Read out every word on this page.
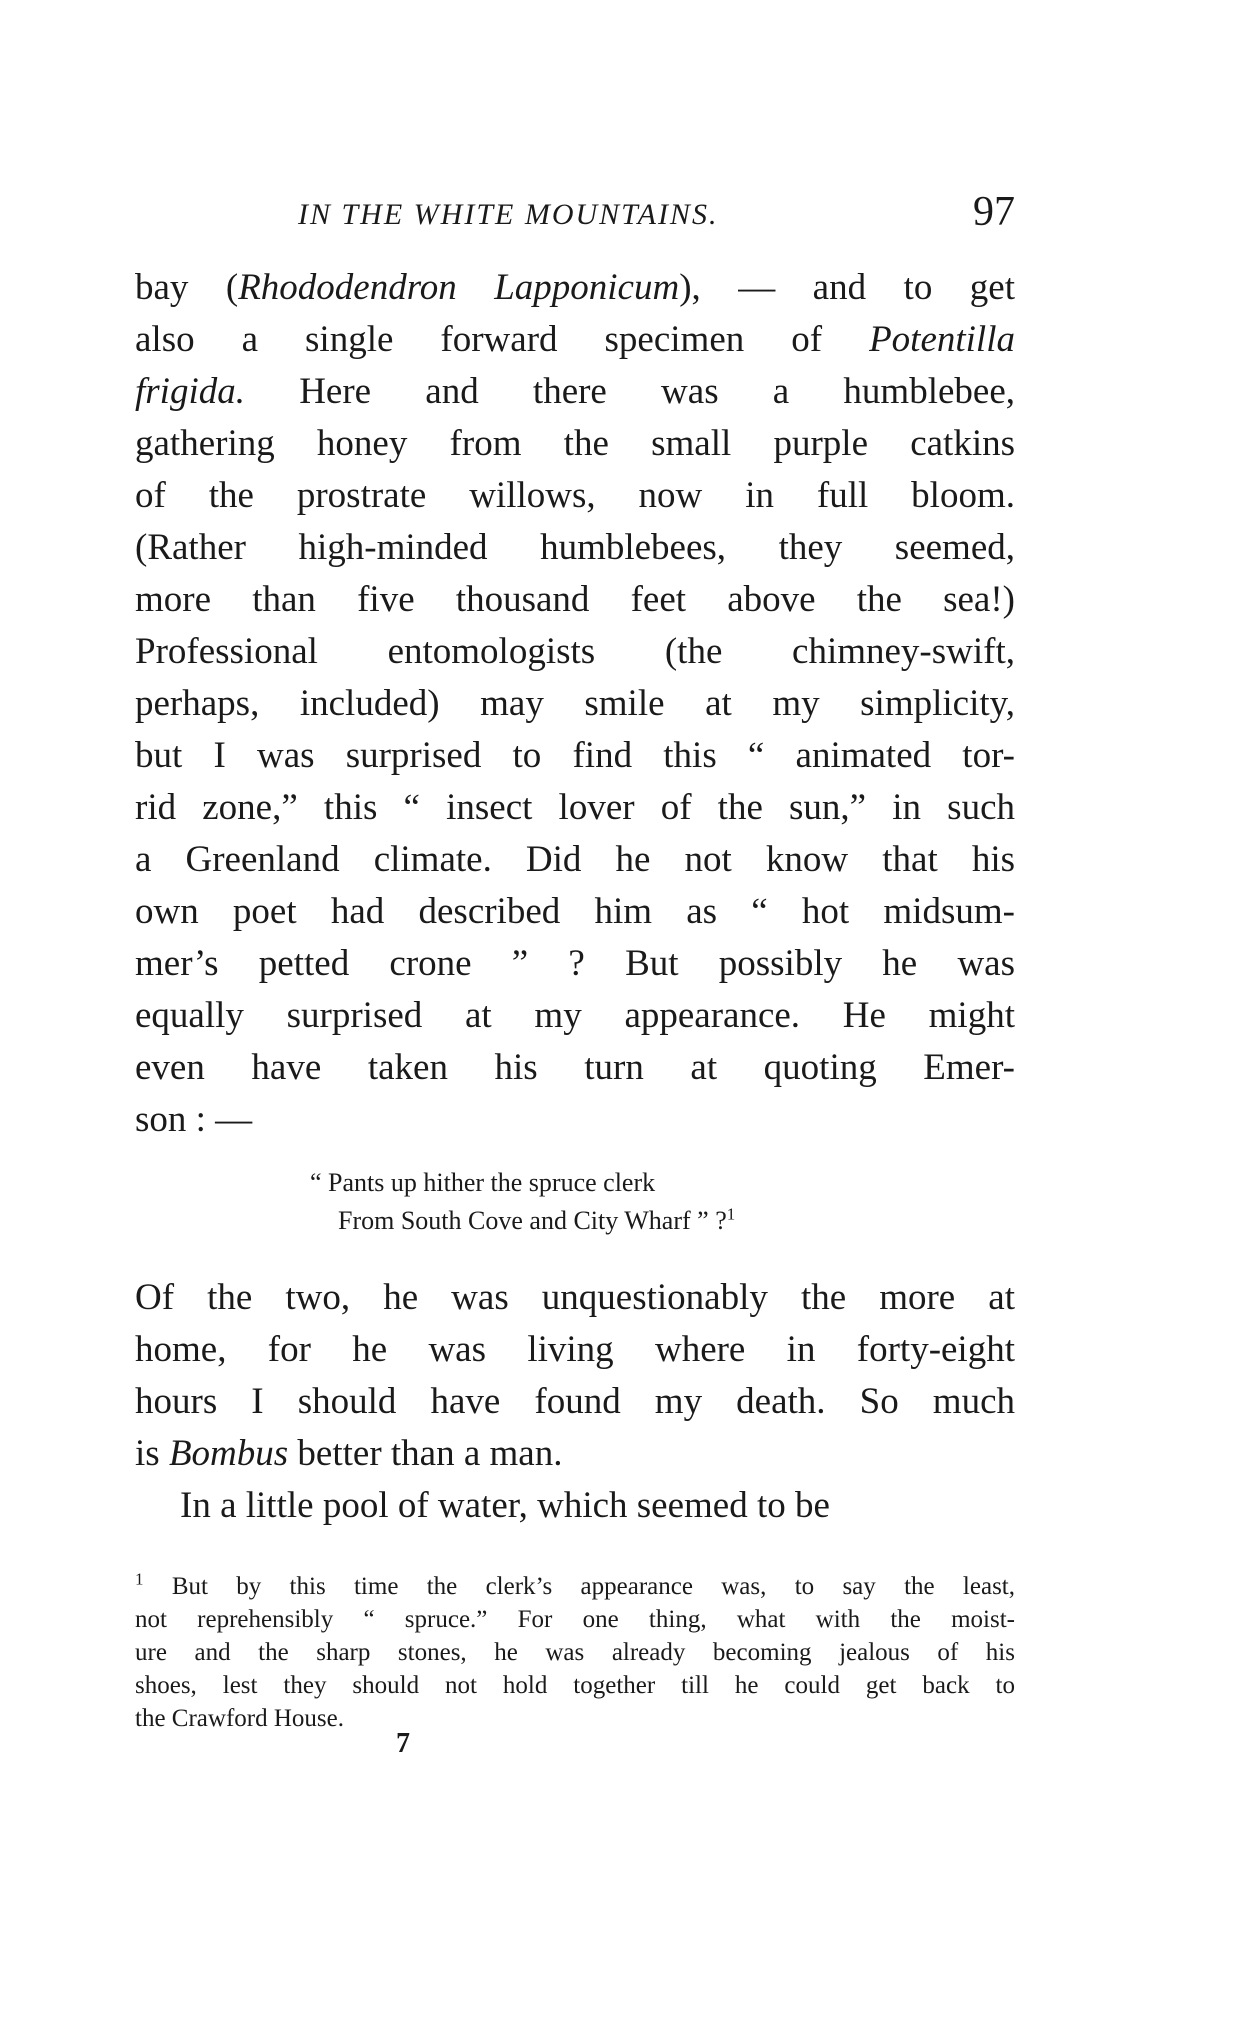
IN THE WHITE MOUNTAINS.	97
bay (Rhododendron Lapponicum), — and to get
also a single forward specimen of Potentilla
frigida. Here and there was a humblebee,
gathering honey from the small purple catkins
of the prostrate willows, now in full bloom.
(Rather high-minded humblebees, they seemed,
more than five thousand feet above the sea!)
Professional entomologists (the chimney-swift,
perhaps, included) may smile at my simplicity,
but I was surprised to find this “ animated tor-
rid zone,” this “ insect lover of the sun,” in such
a Greenland climate. Did he not know that his
own poet had described him as “ hot midsum-
mer’s petted crone ” ? But possibly he was
equally surprised at my appearance. He might
even have taken his turn at quoting Emer-
son : —
“ Pants up hither the spruce clerk
From South Cove and City Wharf ” ?$^1$
Of the two, he was unquestionably the more at
home, for he was living where in forty-eight
hours I should have found my death. So much
is Bombus better than a man.
In a little pool of water, which seemed to be
$^1$ But by this time the clerk’s appearance was, to say the least,
not reprehensibly “ spruce.” For one thing, what with the moist-
ure and the sharp stones, he was already becoming jealous of his
shoes, lest they should not hold together till he could get back to
the Crawford House.
7
